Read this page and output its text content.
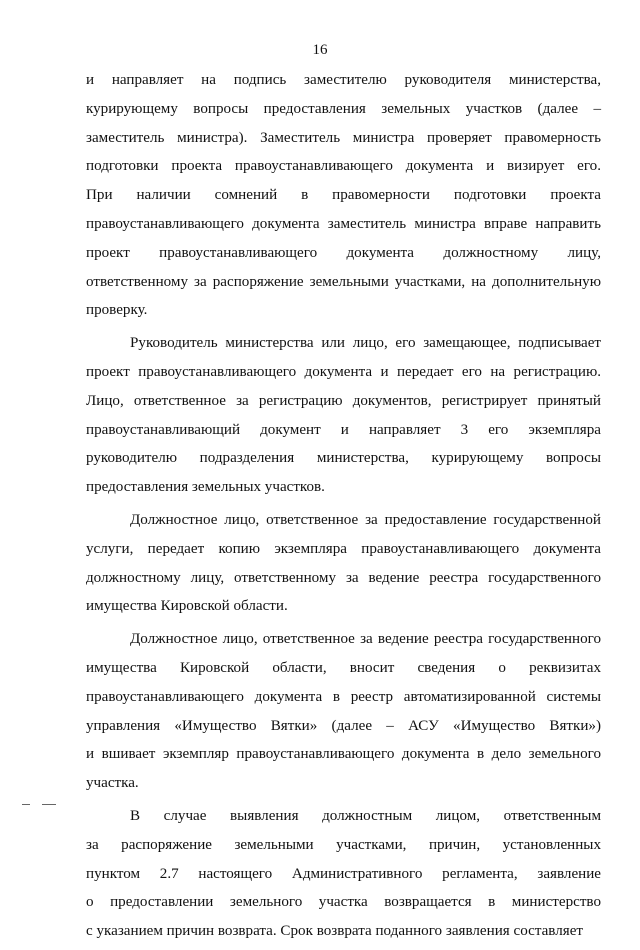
16
и направляет на подпись заместителю руководителя министерства,
курирующему вопросы предоставления земельных участков (далее –
заместитель министра). Заместитель министра проверяет правомерность
подготовки проекта правоустанавливающего документа и визирует его.
При наличии сомнений в правомерности подготовки проекта
правоустанавливающего документа заместитель министра вправе направить
проект правоустанавливающего документа должностному лицу,
ответственному за распоряжение земельными участками, на дополнительную
проверку.
Руководитель министерства или лицо, его замещающее, подписывает
проект правоустанавливающего документа и передает его на регистрацию.
Лицо, ответственное за регистрацию документов, регистрирует принятый
правоустанавливающий документ и направляет 3 его экземпляра
руководителю подразделения министерства, курирующему вопросы
предоставления земельных участков.
Должностное лицо, ответственное за предоставление государственной
услуги, передает копию экземпляра правоустанавливающего документа
должностному лицу, ответственному за ведение реестра государственного
имущества Кировской области.
Должностное лицо, ответственное за ведение реестра государственного
имущества Кировской области, вносит сведения о реквизитах
правоустанавливающего документа в реестр автоматизированной системы
управления «Имущество Вятки» (далее – АСУ «Имущество Вятки»)
и вшивает экземпляр правоустанавливающего документа в дело земельного
участка.
В случае выявления должностным лицом, ответственным
за распоряжение земельными участками, причин, установленных
пунктом 2.7 настоящего Административного регламента, заявление
о предоставлении земельного участка возвращается в министерство
с указанием причин возврата. Срок возврата поданного заявления составляет
